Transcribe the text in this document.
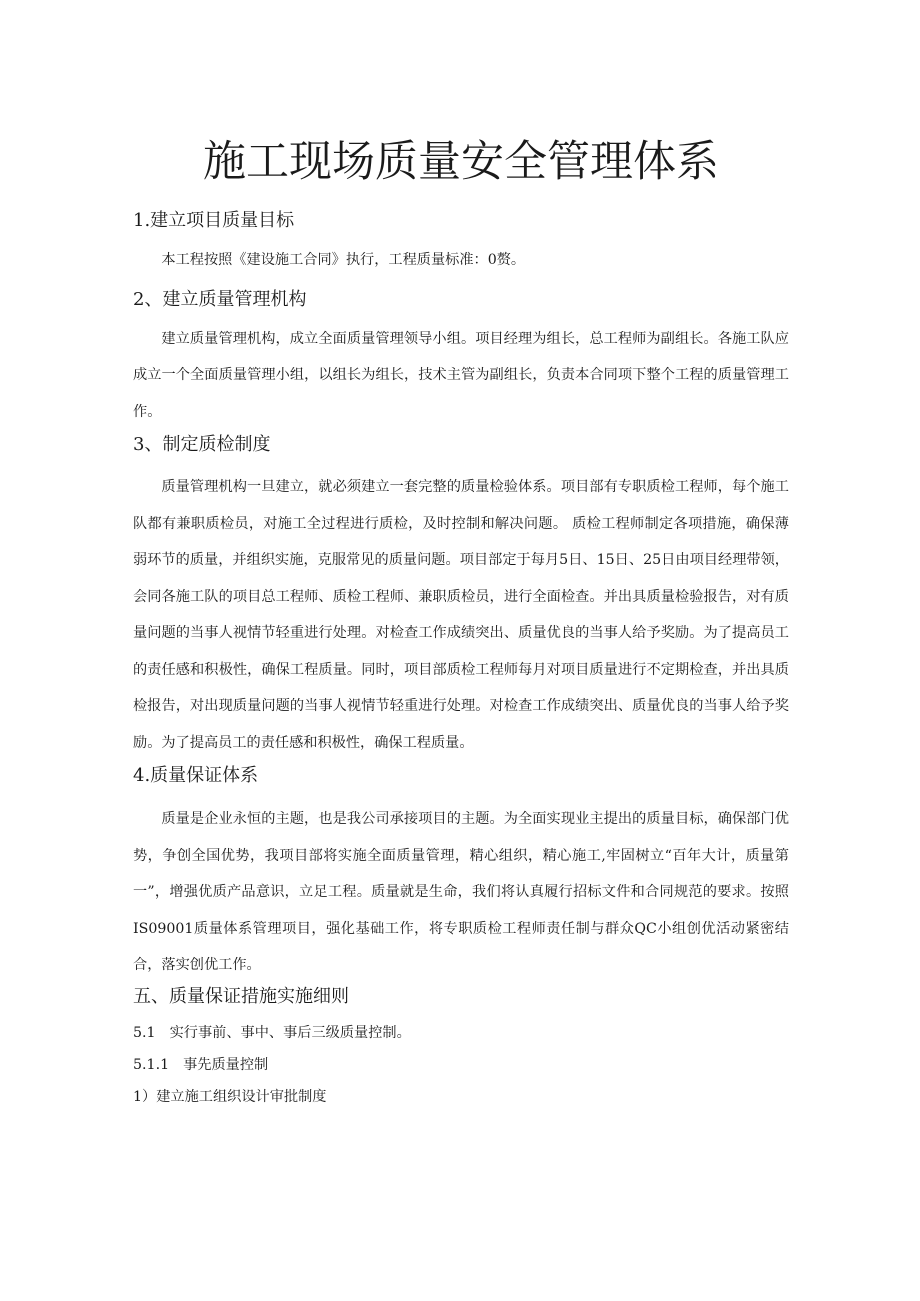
施工现场质量安全管理体系
1.建立项目质量目标

本工程按照《建设施工合同》执行，工程质量标准：0赘。

2、建立质量管理机构

建立质量管理机构，成立全面质量管理领导小组。项目经理为组长，总工程师为副组长。各施工队应成立一个全面质量管理小组，以组长为组长，技术主管为副组长，负责本合同项下整个工程的质量管理工作。

3、制定质检制度

质量管理机构一旦建立，就必须建立一套完整的质量检验体系。项目部有专职质检工程师，每个施工队都有兼职质检员，对施工全过程进行质检，及时控制和解决问题。 质检工程师制定各项措施，确保薄弱环节的质量，并组织实施，克服常见的质量问题。项目部定于每月5日、15日、25日由项目经理带领，会同各施工队的项目总工程师、质检工程师、兼职质检员，进行全面检查。并出具质量检验报告，对有质量问题的当事人视情节轻重进行处理。对检查工作成绩突出、质量优良的当事人给予奖励。为了提高员工的责任感和积极性，确保工程质量。同时，项目部质检工程师每月对项目质量进行不定期检查，并出具质检报告，对出现质量问题的当事人视情节轻重进行处理。对检查工作成绩突出、质量优良的当事人给予奖励。为了提高员工的责任感和积极性，确保工程质量。

4.质量保证体系

质量是企业永恒的主题，也是我公司承接项目的主题。为全面实现业主提出的质量目标，确保部门优势，争创全国优势，我项目部将实施全面质量管理，精心组织，精心施工,牢固树立“百年大计，质量第一”，增强优质产品意识，立足工程。质量就是生命，我们将认真履行招标文件和合同规范的要求。按照IS09001质量体系管理项目，强化基础工作，将专职质检工程师责任制与群众QC小组创优活动紧密结合，落实创优工作。

五、质量保证措施实施细则

5.1 实行事前、事中、事后三级质量控制。

5.1.1 事先质量控制

1）建立施工组织设计审批制度
